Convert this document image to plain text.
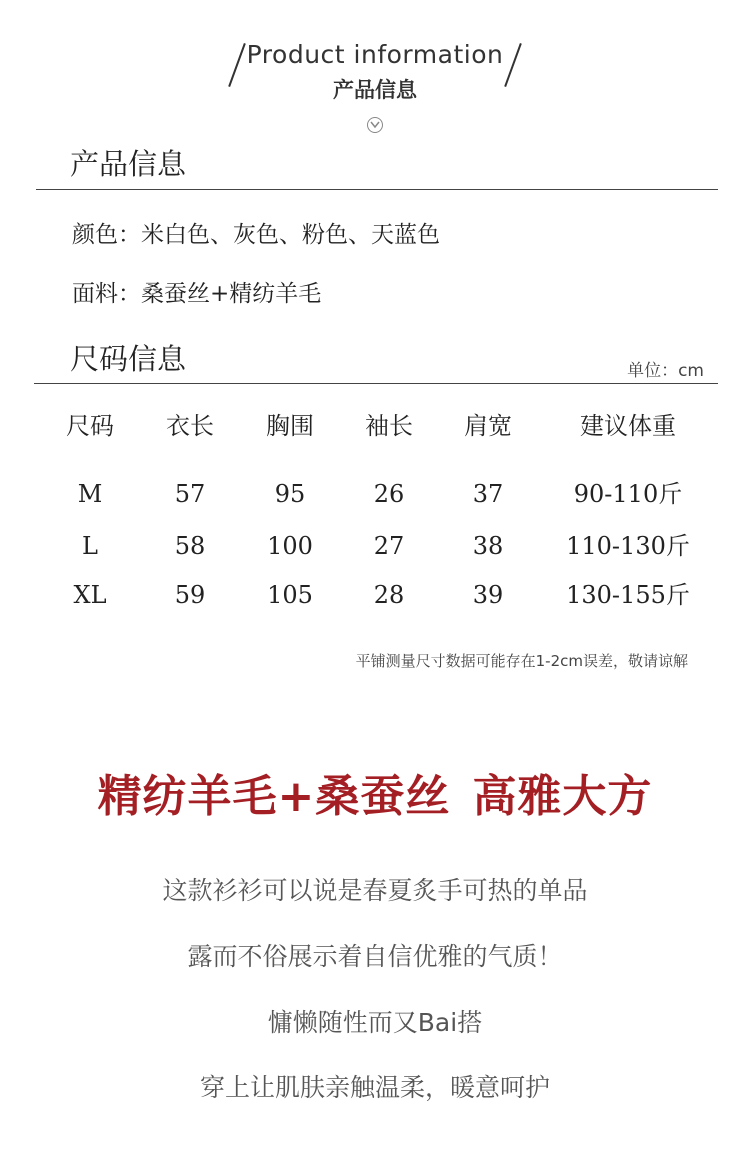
Product information
产品信息
产品信息
颜色：米白色、灰色、粉色、天蓝色
面料：桑蚕丝+精纺羊毛
尺码信息	单位：cm
尺码	衣长	胸围	袖长	肩宽	建议体重
M	57	95	26	37	90-110斤
L	58	100	27	38	110-130斤
XL	59	105	28	39	130-155斤
平铺测量尺寸数据可能存在1-2cm误差，敬请谅解
精纺羊毛+桑蚕丝 高雅大方
这款衫衫可以说是春夏炙手可热的单品
露而不俗展示着自信优雅的气质！
慵懒随性而又Bai搭
穿上让肌肤亲触温柔，暖意呵护
